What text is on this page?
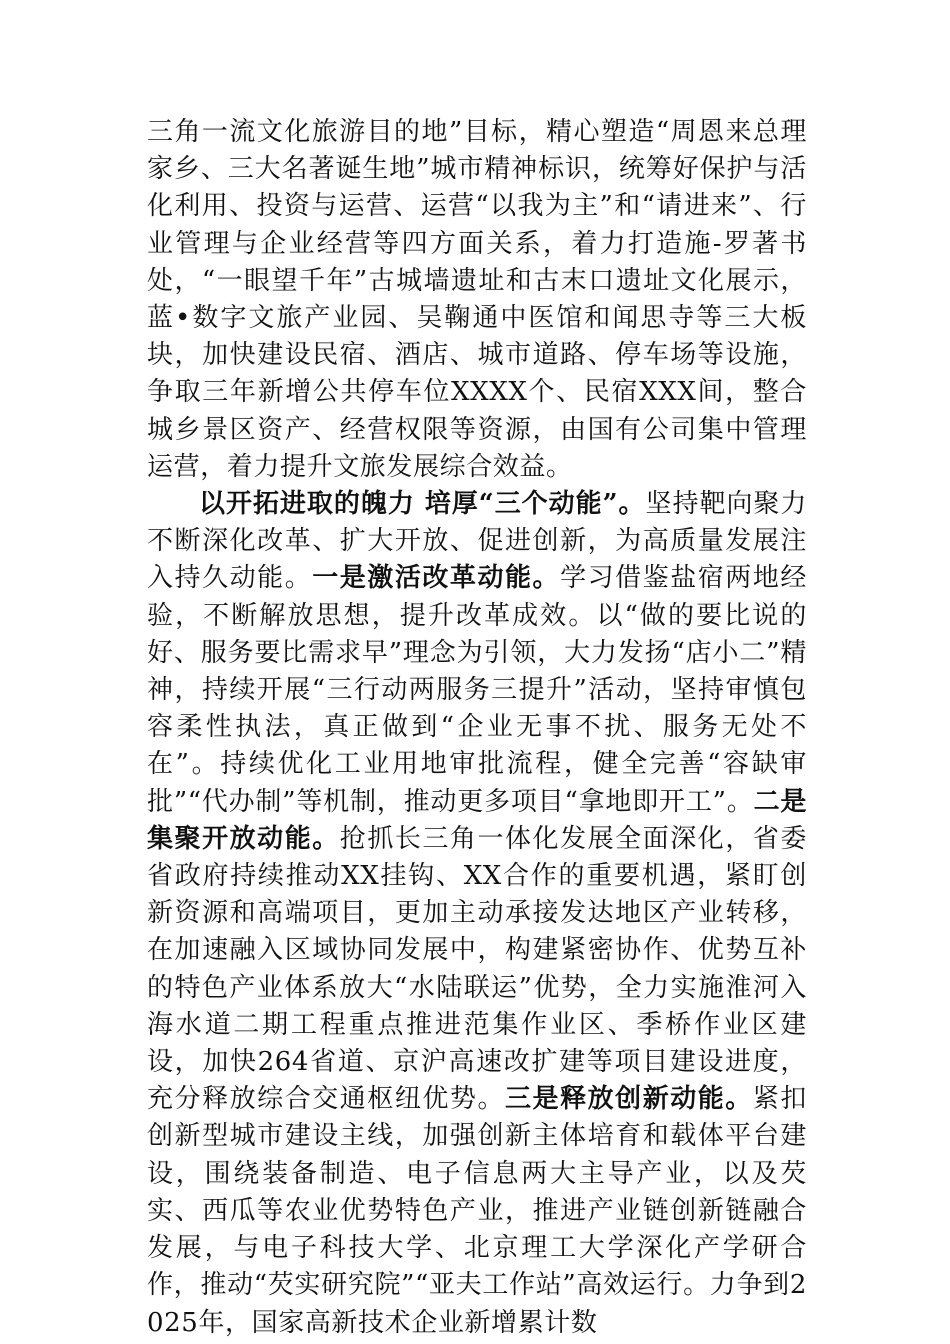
三角一流文化旅游目的地”目标，精心塑造“周恩来总理家乡、三大名著诞生地”城市精神标识，统筹好保护与活化利用、投资与运营、运营“以我为主”和“请进来”、行业管理与企业经营等四方面关系，着力打造施-罗著书处，“一眼望千年”古城墙遗址和古末口遗址文化展示，蓝•数字文旅产业园、吴鞠通中医馆和闻思寺等三大板块，加快建设民宿、酒店、城市道路、停车场等设施，争取三年新增公共停车位XXXX个、民宿XXX间，整合城乡景区资产、经营权限等资源，由国有公司集中管理运营，着力提升文旅发展综合效益。

以开拓进取的魄力 培厚“三个动能”。坚持靶向聚力不断深化改革、扩大开放、促进创新，为高质量发展注入持久动能。一是激活改革动能。学习借鉴盐宿两地经验，不断解放思想，提升改革成效。以“做的要比说的好、服务要比需求早”理念为引领，大力发扬“店小二”精神，持续开展“三行动两服务三提升”活动，坚持审慎包容柔性执法，真正做到“企业无事不扰、服务无处不在”。持续优化工业用地审批流程，健全完善“容缺审批”“代办制”等机制，推动更多项目“拿地即开工”。二是集聚开放动能。抢抓长三角一体化发展全面深化，省委省政府持续推动XX挂钩、XX合作的重要机遇，紧盯创新资源和高端项目，更加主动承接发达地区产业转移，在加速融入区域协同发展中，构建紧密协作、优势互补的特色产业体系放大“水陆联运”优势，全力实施淮河入海水道二期工程重点推进范集作业区、季桥作业区建设，加快264省道、京沪高速改扩建等项目建设进度，充分释放综合交通枢纽优势。三是释放创新动能。紧扣创新型城市建设主线，加强创新主体培育和载体平台建设，围绕装备制造、电子信息两大主导产业，以及芡实、西瓜等农业优势特色产业，推进产业链创新链融合发展，与电子科技大学、北京理工大学深化产学研合作，推动“芡实研究院”“亚夫工作站”高效运行。力争到2025年，国家高新技术企业新增累计数
